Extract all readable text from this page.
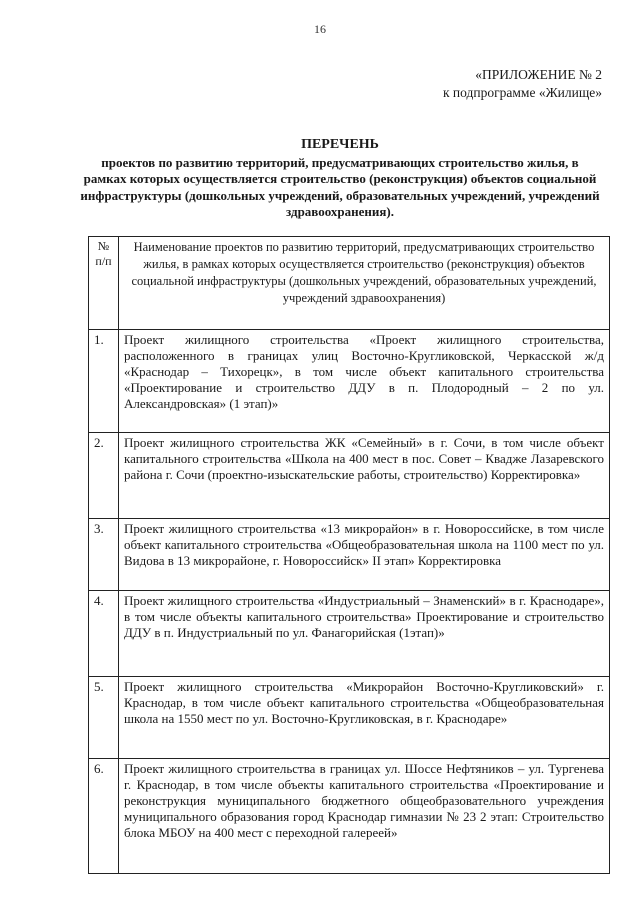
16
«ПРИЛОЖЕНИЕ № 2
к подпрограмме «Жилище»
ПЕРЕЧЕНЬ
проектов по развитию территорий, предусматривающих строительство жилья, в рамках которых осуществляется строительство (реконструкция) объектов социальной инфраструктуры (дошкольных учреждений, образовательных учреждений, учреждений здравоохранения).
№ п/п	Наименование проектов по развитию территорий, предусматривающих строительство жилья, в рамках которых осуществляется строительство (реконструкция) объектов социальной инфраструктуры (дошкольных учреждений, образовательных учреждений, учреждений здравоохранения)
1.	Проект жилищного строительства «Проект жилищного строительства, расположенного в границах улиц Восточно-Кругликовской, Черкасской ж/д «Краснодар – Тихорецк», в том числе объект капитального строительства «Проектирование и строительство ДДУ в п. Плодородный – 2 по ул. Александровская» (1 этап)»
2.	Проект жилищного строительства ЖК «Семейный» в г. Сочи, в том числе объект капитального строительства «Школа на 400 мест в пос. Совет – Квадже Лазаревского района г. Сочи (проектно-изыскательские работы, строительство) Корректировка»
3.	Проект жилищного строительства «13 микрорайон» в г. Новороссийске, в том числе объект капитального строительства «Общеобразовательная школа на 1100 мест по ул. Видова в 13 микрорайоне, г. Новороссийск» II этап» Корректировка
4.	Проект жилищного строительства «Индустриальный – Знаменский» в г. Краснодаре», в том числе объекты капитального строительства» Проектирование и строительство ДДУ в п. Индустриальный по ул. Фанагорийская (1этап)»
5.	Проект жилищного строительства «Микрорайон Восточно-Кругликовский» г. Краснодар, в том числе объект капитального строительства «Общеобразовательная школа на 1550 мест по ул. Восточно-Кругликовская, в г. Краснодаре»
6.	Проект жилищного строительства в границах ул. Шоссе Нефтяников – ул. Тургенева г. Краснодар, в том числе объекты капитального строительства «Проектирование и реконструкция муниципального бюджетного общеобразовательного учреждения муниципального образования город Краснодар гимназии № 23 2 этап: Строительство блока МБОУ на 400 мест с переходной галереей»
